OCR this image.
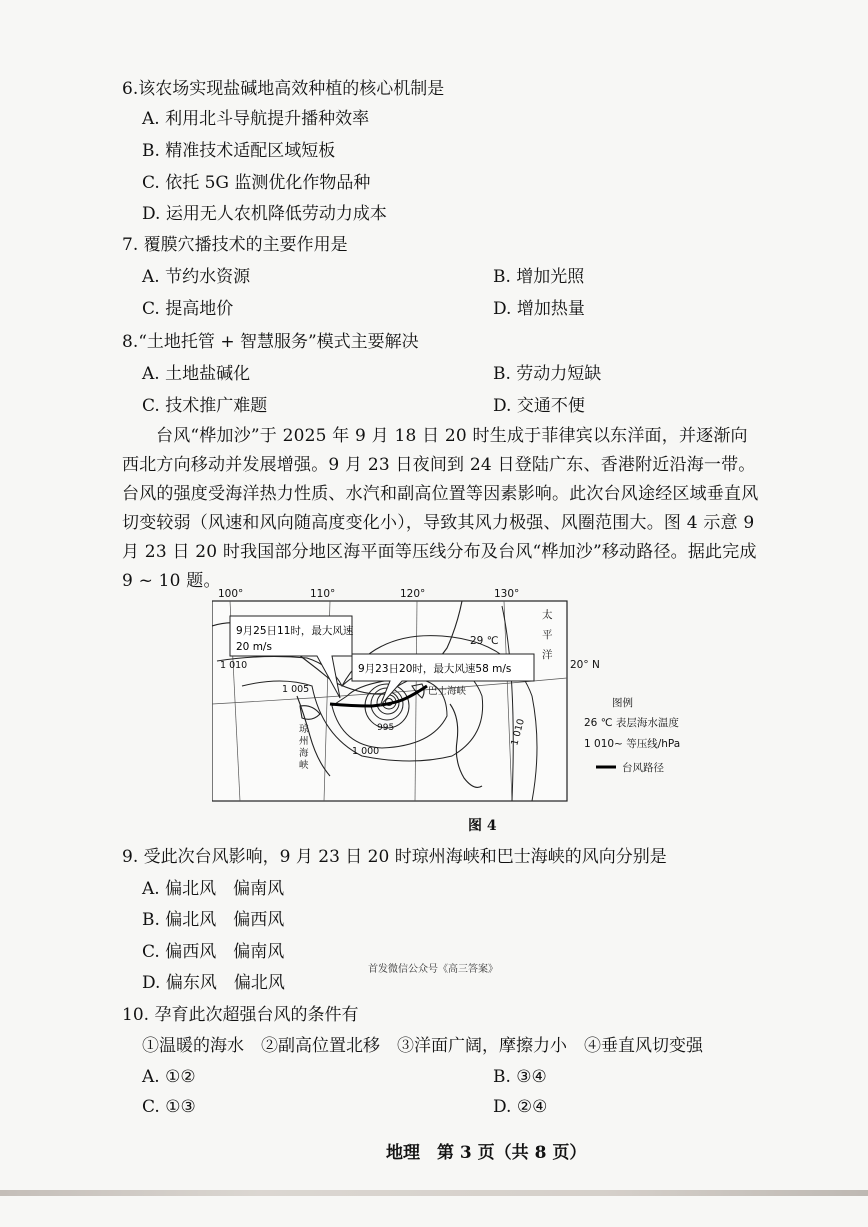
6.该农场实现盐碱地高效种植的核心机制是
A. 利用北斗导航提升播种效率
B. 精准技术适配区域短板
C. 依托 5G 监测优化作物品种
D. 运用无人农机降低劳动力成本
7. 覆膜穴播技术的主要作用是
A. 节约水资源	B. 增加光照
C. 提高地价	D. 增加热量
8.“土地托管 + 智慧服务”模式主要解决
A. 土地盐碱化	B. 劳动力短缺
C. 技术推广难题	D. 交通不便
台风“桦加沙”于 2025 年 9 月 18 日 20 时生成于菲律宾以东洋面，并逐渐向西北方向移动并发展增强。9 月 23 日夜间到 24 日登陆广东、香港附近沿海一带。台风的强度受海洋热力性质、水汽和副高位置等因素影响。此次台风途经区域垂直风切变较弱（风速和风向随高度变化小），导致其风力极强、风圈范围大。图 4 示意 9 月 23 日 20 时我国部分地区海平面等压线分布及台风“桦加沙”移动路径。据此完成 9 ~ 10 题。
9月25日11时，最大风速
20 m/s
9月23日20时，最大风速58 m/s
100°	110°	120°	130°
20° N
29 ℃
太
平
洋
琼
州
海
峡
巴士海峡
1 010
1 005
1 000
995	1 010
图例
26 ℃ 表层海水温度
1 010~ 等压线/hPa
台风路径
图 4
9. 受此次台风影响，9 月 23 日 20 时琼州海峡和巴士海峡的风向分别是
A. 偏北风　偏南风
B. 偏北风　偏西风
C. 偏西风　偏南风
首发微信公众号《高三答案》
D. 偏东风　偏北风
10. 孕育此次超强台风的条件有
①温暖的海水　②副高位置北移　③洋面广阔，摩擦力小　④垂直风切变强
A. ①②	B. ③④
C. ①③	D. ②④
地理　第 3 页（共 8 页）
